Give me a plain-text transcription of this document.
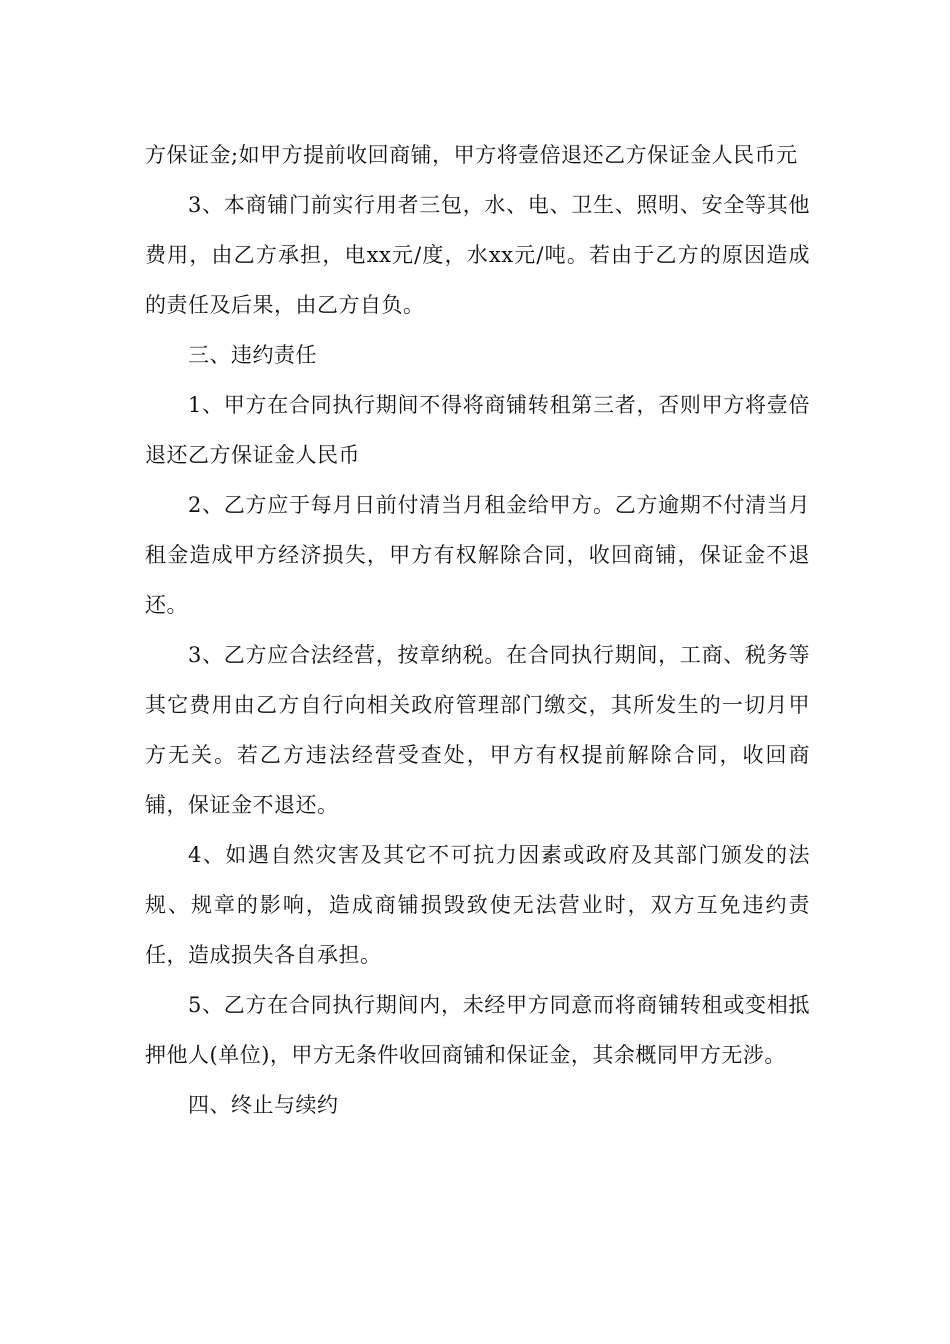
方保证金;如甲方提前收回商铺，甲方将壹倍退还乙方保证金人民币元

3、本商铺门前实行用者三包，水、电、卫生、照明、安全等其他费用，由乙方承担，电xx元/度，水xx元/吨。若由于乙方的原因造成的责任及后果，由乙方自负。

三、违约责任

1、甲方在合同执行期间不得将商铺转租第三者，否则甲方将壹倍退还乙方保证金人民币

2、乙方应于每月日前付清当月租金给甲方。乙方逾期不付清当月租金造成甲方经济损失，甲方有权解除合同，收回商铺，保证金不退还。

3、乙方应合法经营，按章纳税。在合同执行期间，工商、税务等其它费用由乙方自行向相关政府管理部门缴交，其所发生的一切月甲方无关。若乙方违法经营受查处，甲方有权提前解除合同，收回商铺，保证金不退还。

4、如遇自然灾害及其它不可抗力因素或政府及其部门颁发的法规、规章的影响，造成商铺损毁致使无法营业时，双方互免违约责任，造成损失各自承担。

5、乙方在合同执行期间内，未经甲方同意而将商铺转租或变相抵押他人(单位)，甲方无条件收回商铺和保证金，其余概同甲方无涉。

四、终止与续约
